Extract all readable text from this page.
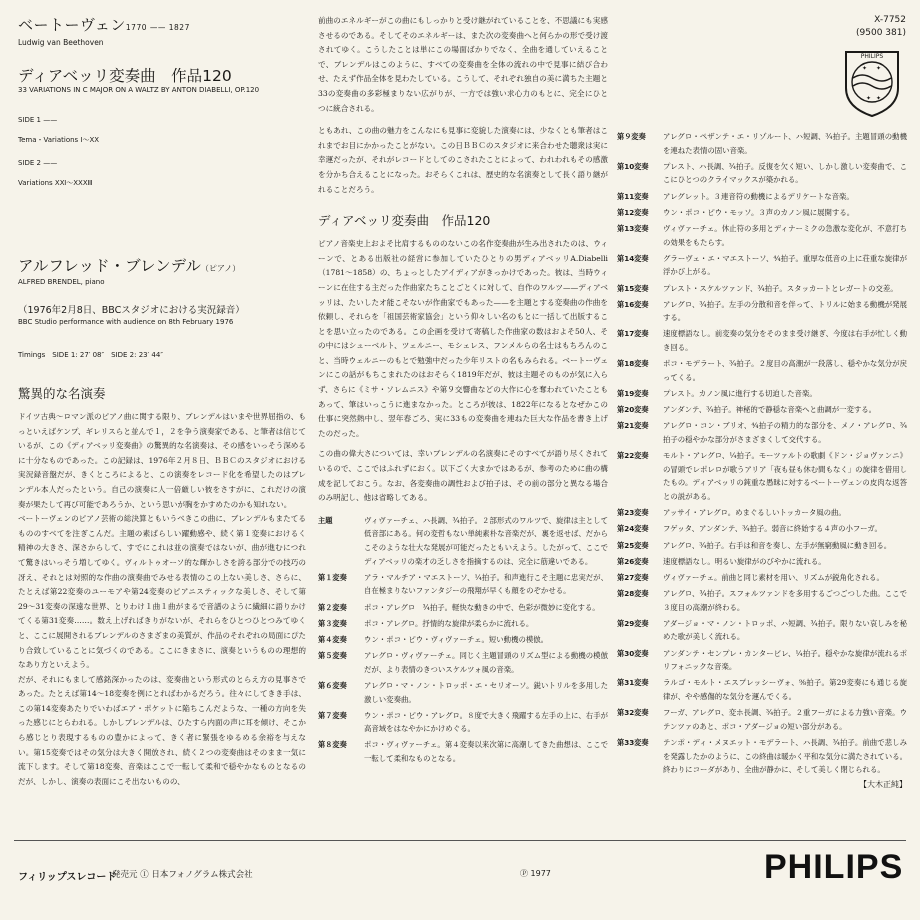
ベートーヴェン1770 —— 1827
Ludwig van Beethoven
ディアベッリ変奏曲　作品120
33 VARIATIONS IN C MAJOR ON A WALTZ BY ANTON DIABELLI, OP.120
SIDE 1 ——
Tema・Variations Ⅰ〜ⅩⅩ
SIDE 2 ——
Variations ⅩⅪ〜ⅩⅩⅩⅢ
アルフレッド・ブレンデル（ピアノ）
ALFRED BRENDEL, piano
（1976年2月8日、BBCスタジオにおける実況録音）
BBC Studio performance with audience on 8th February 1976
Timings　SIDE 1: 27′ 08″　SIDE 2: 23′ 44″
驚異的な名演奏

ドイツ古典〜ロマン派のピアノ曲に関する限り、ブレンデルはいまや世界屈指の、もっといえばケンプ、ギレリスらと並んで１，２を争う演奏家である、と筆者は信じているが、この《ディアベッリ変奏曲》の驚異的な名演奏は、その感をいっそう深めるに十分なものであった。この記録は、1976年２月８日、ＢＢＣのスタジオにおける実況録音盤だが、きくところによると、この演奏をレコード化を希望したのはブレンデル本人だったという。自己の演奏に人一倍厳しい彼をさすがに、これだけの演奏が果たして再び可能であろうか、という思いが胸をかすめたのかも知れない。

ベートーヴェンのピアノ芸術の総決算ともいうべきこの曲に、ブレンデルもまたてるもののすべてを注ぎこんだ。主題の素ばらしい躍動感や、続く第１変奏におけるく精神の大きさ、深さからして、すでにこれは並の演奏ではないが、曲が進むにつれて驚きはいっそう増してゆく。ヴィルトゥオーソ的な輝かしさを誇る部分での技巧の冴え、それとは対照的な作曲の演奏曲でみせる表情のこの上ない美しさ、さらに、たとえば第22変奏のユーモアや第24変奏のピアニスティックな美しさ、そして第29〜31変奏の深遠な世界、とりわけ１曲１曲がまるで音譜のように繊細に語りかけてくる第31変奏……。数え上げればきりがないが、それらをひとつひとつみてゆくと、ここに展開されるブレンデルのさまざまの美質が、作品のそれぞれの局面にぴたり合致していることに気づくのである。ここにきまさに、演奏というものの理想的なあり方といえよう。

だが、それにもまして感銘深かったのは、変奏曲という形式のとらえ方の見事さであった。たとえば第14〜18変奏を例にとればわかるだろう。往々にしてきき手は、この第14変奏あたりでいわばエア・ポケットに陥ちこんだような、一種の方向を失った感じにとらわれる。しかしブレンデルは、ひたすら内面の声に耳を傾け、そこから感じとり表現するものの豊かによって、きく者に緊張をゆるめる余裕を与えない。第15変奏ではその気分は大きく開放され、続く２つの変奏曲はそのまま一気に流下します。そして第18変奏、音楽はここで一転して柔和で穏やかなものとなるのだが、しかし、演奏の表面にこそ出ないものの、

前曲のエネルギーがこの曲にもしっかりと受け継がれていることを、不思議にも実感させるのである。そしてそのエネルギーは、また次の変奏曲へと何らかの形で受け渡されてゆく。こうしたことは単にこの場面ばかりでなく、全曲を通していえることで、ブレンデルはこのように、すべての変奏曲を全体の流れの中で見事に結び合わせ、たえず作品全体を見わたしている。こうして、それぞれ独自の美に満ちた主題と33の変奏曲の多彩極まりない広がりが、一方では強い求心力のもとに、完全にひとつに統合される。

ともあれ、この曲の魅力をこんなにも見事に変貌した演奏には、少なくとも筆者はこれまでお目にかかったことがない。この日ＢＢＣのスタジオに来合わせた聴衆は実に幸運だったが、それがレコードとしてのこされたことによって、われわれもその感激を分かち合えることになった。おそらくこれは、歴史的な名演奏として長く語り継がれることだろう。

ディアベッリ変奏曲　作品120

ピアノ音楽史上およそ比肩するもののないこの名作変奏曲が生み出されたのは、ウィーンで、とある出版社の経営に参加していたひとりの男ディアベッリA.Diabelli（1781〜1858）の、ちょっとしたアイディアがきっかけであった。彼は、当時ウィーンに在住する主だった作曲家たちことごとくに対して、自作のワルツ——ディアベッリは、たいしたオ能こそないが作曲家でもあった——を主題とする変奏曲の作曲を依頼し、それらを「祖国芸術家協会」という仰々しい名のもとに一括して出版することを思い立ったのである。この企画を受けて寄稿した作曲家の数はおよそ50人、その中にはシューベルト、ツェルニー、モシェレス、フンメルらの名士はもちろんのこと、当時ウェルニーのもとで勉強中だった少年リストの名もみられる。ベートーヴェンにこの話がもちこまれたのはおそらく1819年だが、彼は主題そのものが気に入らず、さらに《ミサ・ソレムニス》や第９交響曲などの大作に心を奪われていたこともあって、筆はいっこうに進まなかった。ところが彼は、1822年になるとなぜかこの仕事に突然熱中し、翌年春ごろ、実に33もの変奏曲を連ねた巨大な作品を書き上げたのだった。

この曲の偉大さについては、幸いブレンデルの名演奏にそのすべてが語り尽くされているので、ここではふれずにおく。以下ごく大まかではあるが、参考のために曲の構成を記しておこう。なお、各変奏曲の調性および拍子は、その前の部分と異なる場合のみ明記し、他は省略してある。

主題	ヴィヴァーチェ、ハ長調、¾拍子。２部形式のワルツで、旋律は主として低音部にある。何の変哲もない単純素朴な音楽だが、裏を返せば、だからこそのような壮大な発展が可能だったともいえよう。したがって、ここでディアベッリの楽才の乏しさを指摘するのは、完全に筋違いである。
第１変奏	アラ・マルチア・マエストーソ、¼拍子。和声進行こそ主題に忠実だが、自在極まりないファンタジーの飛翔が早くも顔をのぞかせる。
第２変奏	ポコ・アレグロ　¾拍子。軽快な動きの中で、色彩が微妙に変化する。
第３変奏	ポコ・アレグロ。抒情的な旋律が柔らかに流れる。
第４変奏	ウン・ポコ・ピウ・ヴィヴァーチェ。短い動機の模倣。
第５変奏	アレグロ・ヴィヴァーチェ。同じく主題冒頭のリズム型による動機の模倣だが、より表情のきついスケルツォ風の音楽。
第６変奏	アレグロ・マ・ノン・トロッポ・エ・セリオーソ。鋭いトリルを多用した激しい変奏曲。
第７変奏	ウン・ポコ・ピウ・アレグロ。８度で大きく飛躍する左手の上に、右手が高音域をはなやかにかけめぐる。
第８変奏	ポコ・ヴィヴァーチェ。第４変奏以来次第に高潮してきた曲想は、ここで一転して柔和なものとなる。
第９変奏	アレグロ・ペザンテ・エ・リゾルート、ハ短調、¾拍子。主題冒頭の動機を連ねた表情の固い音楽。
第10変奏	プレスト、ハ長調、¾拍子。反復を欠く短い、しかし激しい変奏曲で、ここにひとつのクライマックスが築かれる。
第11変奏	アレグレット。３連音符の動機によるデリケートな音楽。
第12変奏	ウン・ポコ・ピウ・モッソ。３声のカノン風に展開する。
第13変奏	ヴィヴァーチェ。休止符の多用とディナーミクの急激な変化が、不意打ちの効果をもたらす。
第14変奏	グラーヴェ・エ・マエストーソ、⁴⁄₄拍子。重厚な低音の上に荘重な旋律が浮かび上がる。
第15変奏	プレスト・スケルツァンド、¾拍子。スタッカートとレガートの交差。
第16変奏	アレグロ、¾拍子。左手の分散和音を伴って、トリルに始まる動機が発展する。
第17変奏	速度標語なし。前変奏の気分をそのまま受け継ぎ、今度は右手が忙しく動き回る。
第18変奏	ポコ・モデラート、¾拍子。２度目の高潮が一段落し、穏やかな気分が戻ってくる。
第19変奏	プレスト。カノン風に進行する切迫した音楽。
第20変奏	アンダンテ、¾拍子。神秘的で静穏な音楽へと曲調が一変する。
第21変奏	アレグロ・コン・ブリオ、⁴⁄₄拍子の精力的な部分を、メノ・アレグロ、¾拍子の穏やかな部分がさまざまくして交代する。
第22変奏	モルト・アレグロ、¼拍子。モーツァルトの歌劇《ドン・ジョヴァンニ》の冒頭でレポレロが歌うアリア「夜も昼も休む間もなく」の旋律を借用したもの。ディアベッリの鈍重な愚昧に対するベートーヴェンの皮肉な返答との説がある。
第23変奏	アッサイ・アレグロ。めまぐるしいトッカータ風の曲。
第24変奏	フゲッタ、アンダンテ、¾拍子。弱音に終始する４声の小フーガ。
第25変奏	アレグロ、¾拍子。右手は和音を奏し、左手が無窮動風に動き回る。
第26変奏	速度標語なし。明るい旋律がのびやかに流れる。
第27変奏	ヴィヴァーチェ。前曲と同じ素材を用い、リズムが鋭角化される。
第28変奏	アレグロ、¾拍子。スフォルツァンドを多用するごつごつした曲。ここで３度目の高潮が終わる。
第29変奏	アダージョ・マ・ノン・トロッポ、ハ短調、¾拍子。限りない哀しみを秘めた歌が美しく流れる。
第30変奏	アンダンテ・センプレ・カンタービレ、¼拍子。穏やかな旋律が流れるポリフォニックな音楽。
第31変奏	ラルゴ・モルト・エスプレッシーヴォ、⁹⁄₈拍子。第29変奏にも通じる旋律が、やや感傷的な気分を運んでくる。
第32変奏	フーガ、アレグロ、変ホ長調、¾拍子。２重フーガによる力強い音楽。ウテンツァのあと、ポコ・アダージョの短い部分がある。
第33変奏	テンポ・ディ・メヌエット・モデラート、ハ長調、¾拍子。前曲で悲しみを発露したかのように、この終曲は暖かく平和な気分に満たされている。終わりにコーダがあり、全曲が静かに、そして美しく閉じられる。
【大木正純】
X-7752
(9500 381)
✦ ✦
✦ ✦
PHILIPS
フィリップスレコード
発売元 Ⓘ 日本フォノグラム株式会社	Ⓟ 1977	PHILIPS
